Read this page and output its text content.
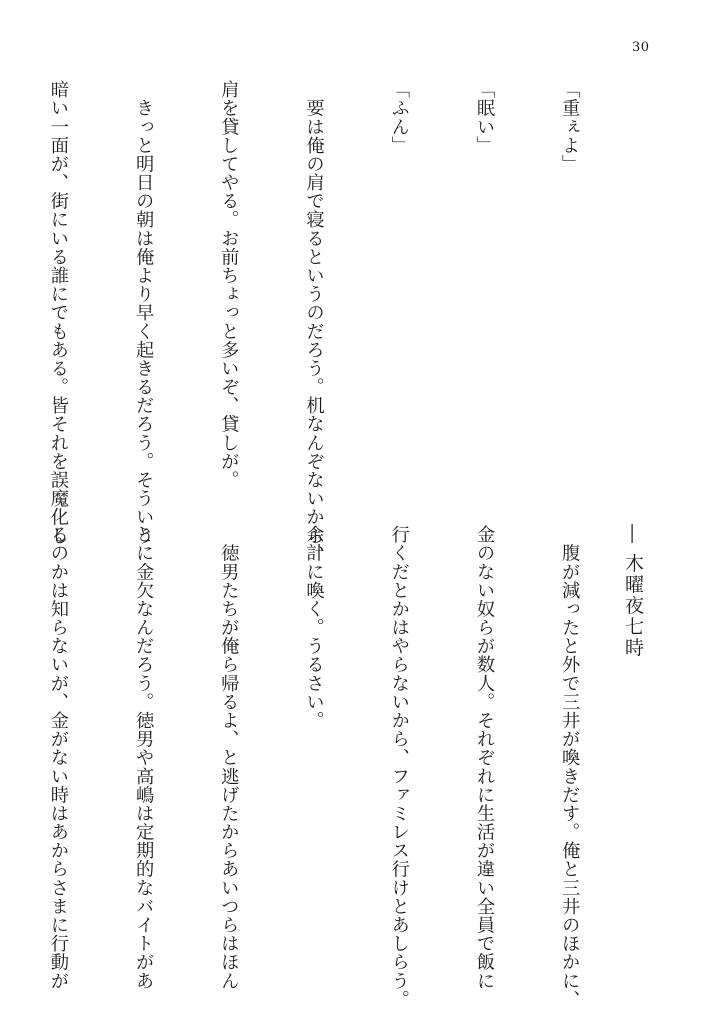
30

「重ぇよ」

「眠い」

「ふん」

　要は俺の肩で寝るというのだろう。机なんぞないから、

肩を貸してやる。お前ちょっと多いぞ、貸しが。

　きっと明日の朝は俺より早く起きるだろう。そういう

暗い一面が、街にいる誰にでもある。皆それを誤魔化し

― 木曜夜七時

　腹が減ったと外で三井が喚きだす。俺と三井のほかに、

金のない奴らが数人。それぞれに生活が違い全員で飯に

行くだとかはやらないから、ファミレス行けとあしらう。

余計に喚く。うるさい。

　徳男たちが俺ら帰るよ、と逃げたからあいつらはほん

とに金欠なんだろう。徳男や高嶋は定期的なバイトがあ

るのかは知らないが、金がない時はあからさまに行動が
